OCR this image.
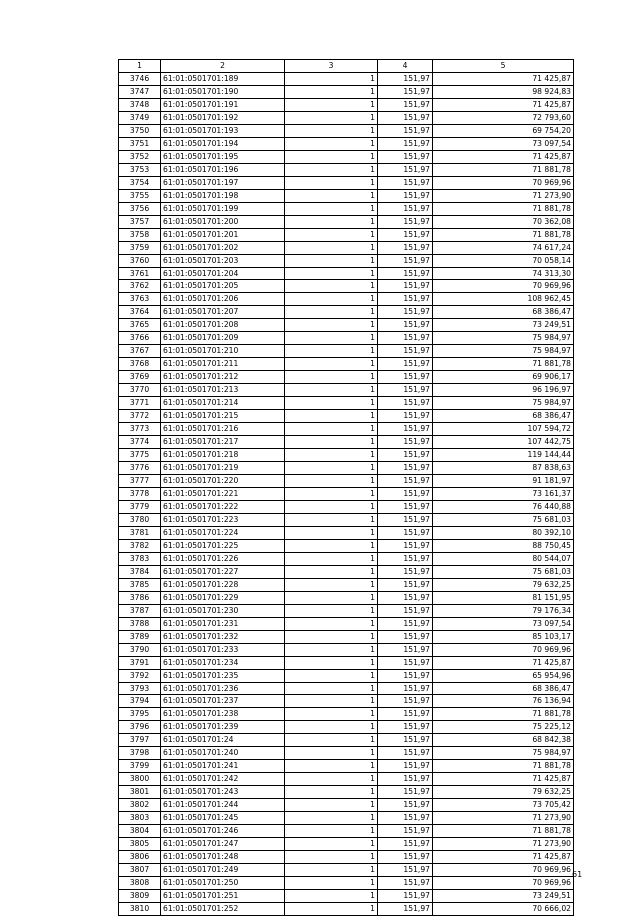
1	2	3	4	5
3746	61:01:0501701:189	1	151,97	71 425,87
3747	61:01:0501701:190	1	151,97	98 924,83
3748	61:01:0501701:191	1	151,97	71 425,87
3749	61:01:0501701:192	1	151,97	72 793,60
3750	61:01:0501701:193	1	151,97	69 754,20
3751	61:01:0501701:194	1	151,97	73 097,54
3752	61:01:0501701:195	1	151,97	71 425,87
3753	61:01:0501701:196	1	151,97	71 881,78
3754	61:01:0501701:197	1	151,97	70 969,96
3755	61:01:0501701:198	1	151,97	71 273,90
3756	61:01:0501701:199	1	151,97	71 881,78
3757	61:01:0501701:200	1	151,97	70 362,08
3758	61:01:0501701:201	1	151,97	71 881,78
3759	61:01:0501701:202	1	151,97	74 617,24
3760	61:01:0501701:203	1	151,97	70 058,14
3761	61:01:0501701:204	1	151,97	74 313,30
3762	61:01:0501701:205	1	151,97	70 969,96
3763	61:01:0501701:206	1	151,97	108 962,45
3764	61:01:0501701:207	1	151,97	68 386,47
3765	61:01:0501701:208	1	151,97	73 249,51
3766	61:01:0501701:209	1	151,97	75 984,97
3767	61:01:0501701:210	1	151,97	75 984,97
3768	61:01:0501701:211	1	151,97	71 881,78
3769	61:01:0501701:212	1	151,97	69 906,17
3770	61:01:0501701:213	1	151,97	96 196,97
3771	61:01:0501701:214	1	151,97	75 984,97
3772	61:01:0501701:215	1	151,97	68 386,47
3773	61:01:0501701:216	1	151,97	107 594,72
3774	61:01:0501701:217	1	151,97	107 442,75
3775	61:01:0501701:218	1	151,97	119 144,44
3776	61:01:0501701:219	1	151,97	87 838,63
3777	61:01:0501701:220	1	151,97	91 181,97
3778	61:01:0501701:221	1	151,97	73 161,37
3779	61:01:0501701:222	1	151,97	76 440,88
3780	61:01:0501701:223	1	151,97	75 681,03
3781	61:01:0501701:224	1	151,97	80 392,10
3782	61:01:0501701:225	1	151,97	88 750,45
3783	61:01:0501701:226	1	151,97	80 544,07
3784	61:01:0501701:227	1	151,97	75 681,03
3785	61:01:0501701:228	1	151,97	79 632,25
3786	61:01:0501701:229	1	151,97	81 151,95
3787	61:01:0501701:230	1	151,97	79 176,34
3788	61:01:0501701:231	1	151,97	73 097,54
3789	61:01:0501701:232	1	151,97	85 103,17
3790	61:01:0501701:233	1	151,97	70 969,96
3791	61:01:0501701:234	1	151,97	71 425,87
3792	61:01:0501701:235	1	151,97	65 954,96
3793	61:01:0501701:236	1	151,97	68 386,47
3794	61:01:0501701:237	1	151,97	76 136,94
3795	61:01:0501701:238	1	151,97	71 881,78
3796	61:01:0501701:239	1	151,97	75 225,12
3797	61:01:0501701:24	1	151,97	68 842,38
3798	61:01:0501701:240	1	151,97	75 984,97
3799	61:01:0501701:241	1	151,97	71 881,78
3800	61:01:0501701:242	1	151,97	71 425,87
3801	61:01:0501701:243	1	151,97	79 632,25
3802	61:01:0501701:244	1	151,97	73 705,42
3803	61:01:0501701:245	1	151,97	71 273,90
3804	61:01:0501701:246	1	151,97	71 881,78
3805	61:01:0501701:247	1	151,97	71 273,90
3806	61:01:0501701:248	1	151,97	71 425,87
3807	61:01:0501701:249	1	151,97	70 969,96
3808	61:01:0501701:250	1	151,97	70 969,96
3809	61:01:0501701:251	1	151,97	73 249,51
3810	61:01:0501701:252	1	151,97	70 666,02
61
